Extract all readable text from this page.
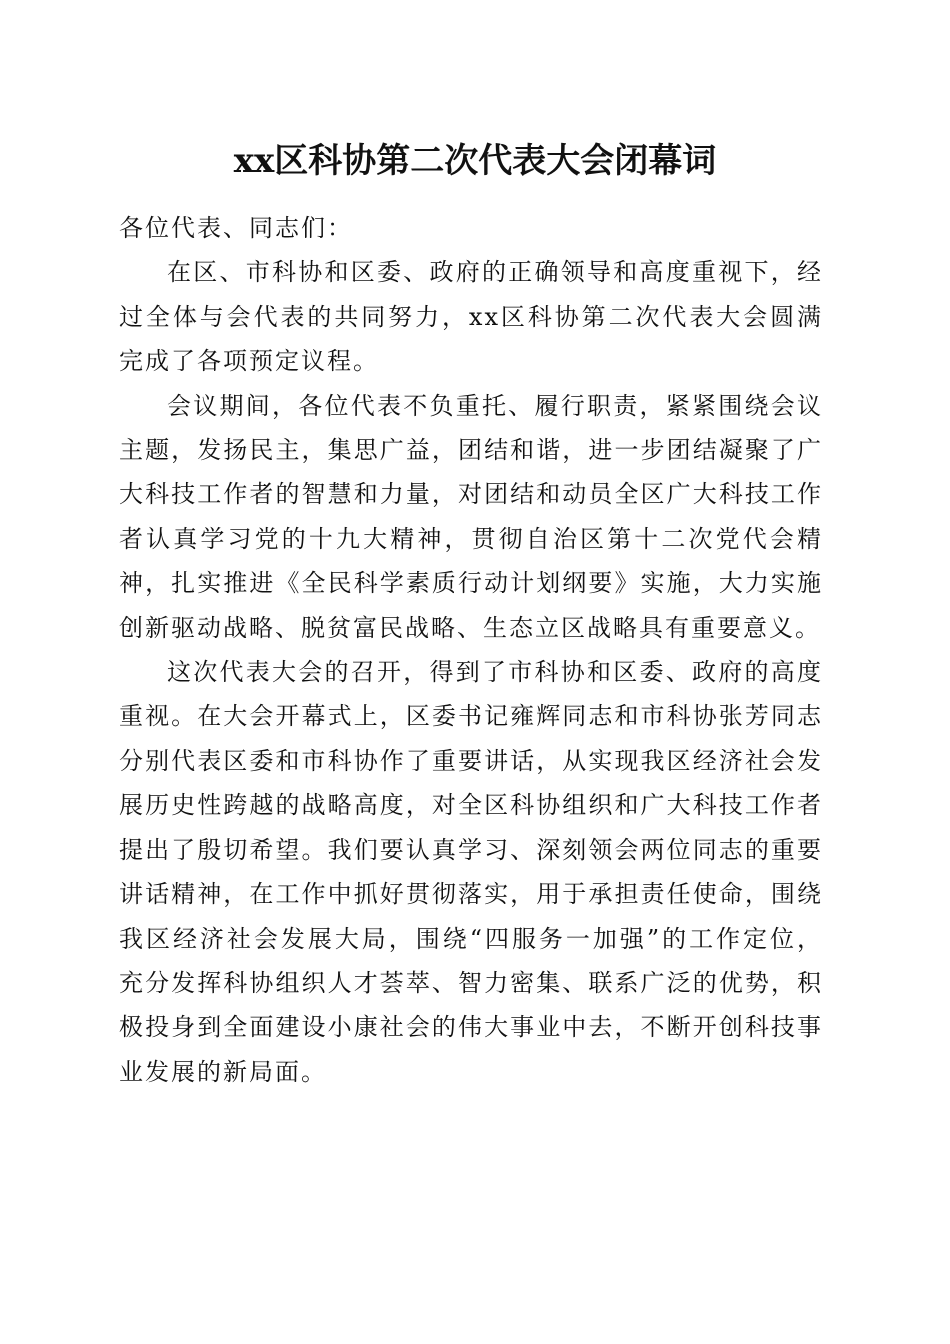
xx区科协第二次代表大会闭幕词

各位代表、同志们：

在区、市科协和区委、政府的正确领导和高度重视下，经过全体与会代表的共同努力，xx区科协第二次代表大会圆满完成了各项预定议程。

会议期间，各位代表不负重托、履行职责，紧紧围绕会议主题，发扬民主，集思广益，团结和谐，进一步团结凝聚了广大科技工作者的智慧和力量，对团结和动员全区广大科技工作者认真学习党的十九大精神，贯彻自治区第十二次党代会精神，扎实推进《全民科学素质行动计划纲要》实施，大力实施创新驱动战略、脱贫富民战略、生态立区战略具有重要意义。

这次代表大会的召开，得到了市科协和区委、政府的高度重视。在大会开幕式上，区委书记雍辉同志和市科协张芳同志分别代表区委和市科协作了重要讲话，从实现我区经济社会发展历史性跨越的战略高度，对全区科协组织和广大科技工作者提出了殷切希望。我们要认真学习、深刻领会两位同志的重要讲话精神，在工作中抓好贯彻落实，用于承担责任使命，围绕我区经济社会发展大局，围绕“四服务一加强”的工作定位，充分发挥科协组织人才荟萃、智力密集、联系广泛的优势，积极投身到全面建设小康社会的伟大事业中去，不断开创科技事业发展的新局面。
